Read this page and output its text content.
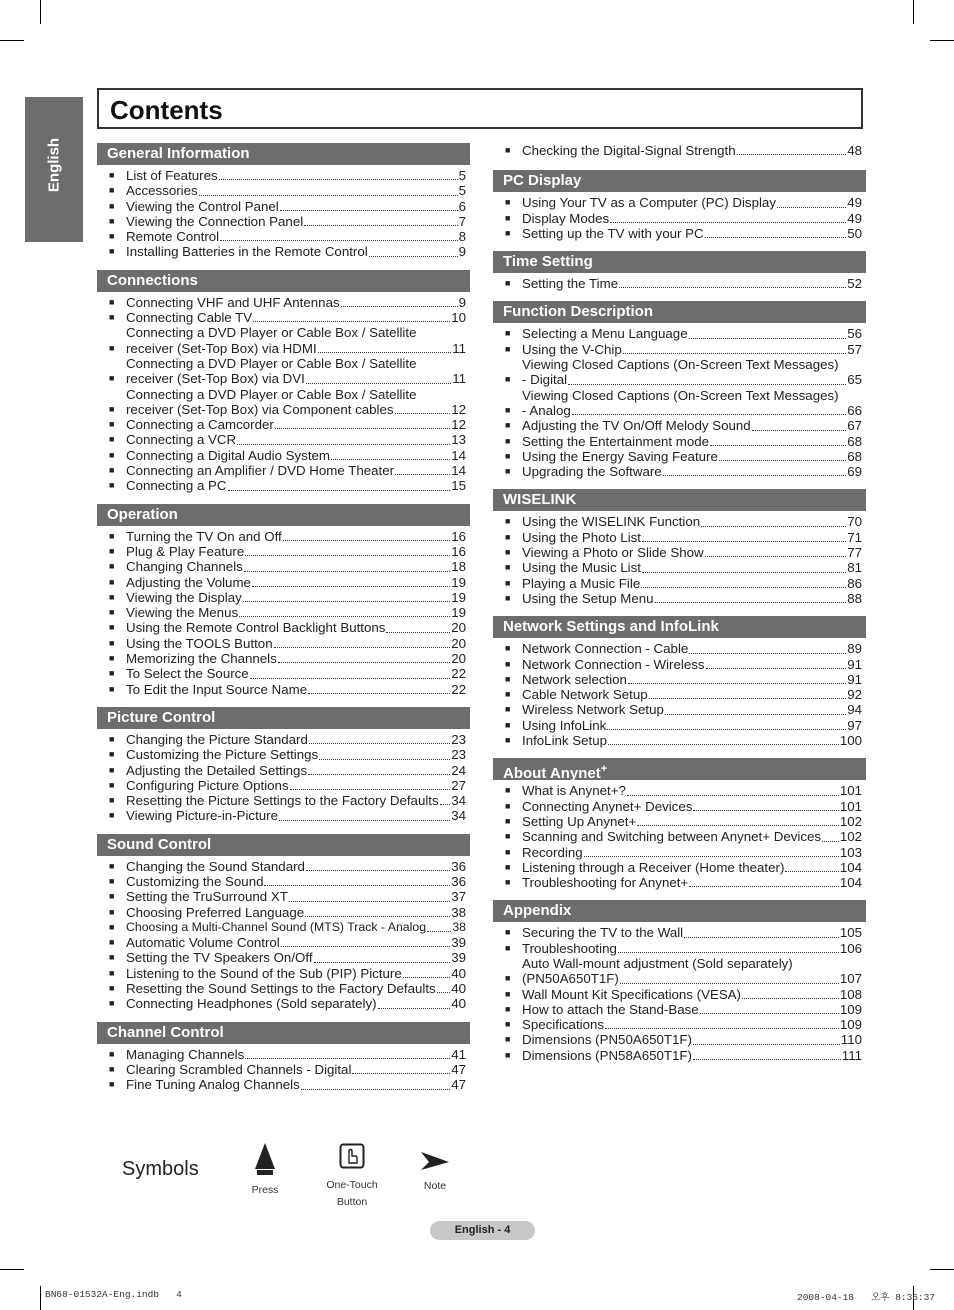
English
Contents
General Information
■ List of Features	5
■ Accessories	5
■ Viewing the Control Panel	6
■ Viewing the Connection Panel	7
■ Remote Control	8
■ Installing Batteries in the Remote Control	9
Connections
■ Connecting VHF and UHF Antennas	9
■ Connecting Cable TV	10
■
Connecting a DVD Player or Cable Box / Satellite
receiver (Set-Top Box) via HDMI	11
■
Connecting a DVD Player or Cable Box / Satellite
receiver (Set-Top Box) via DVI	11
■
Connecting a DVD Player or Cable Box / Satellite
receiver (Set-Top Box) via Component cables	12
■ Connecting a Camcorder	12
■ Connecting a VCR	13
■ Connecting a Digital Audio System	14
■ Connecting an Amplifier / DVD Home Theater	14
■ Connecting a PC	15
Operation
■ Turning the TV On and Off	16
■ Plug & Play Feature	16
■ Changing Channels	18
■ Adjusting the Volume	19
■ Viewing the Display	19
■ Viewing the Menus	19
■ Using the Remote Control Backlight Buttons	20
■ Using the TOOLS Button	20
■ Memorizing the Channels	20
■ To Select the Source	22
■ To Edit the Input Source Name	22
Picture Control
■ Changing the Picture Standard	23
■ Customizing the Picture Settings	23
■ Adjusting the Detailed Settings	24
■ Configuring Picture Options	27
■ Resetting the Picture Settings to the Factory Defaults 34
■ Viewing Picture-in-Picture	34
Sound Control
■ Changing the Sound Standard	36
■ Customizing the Sound	36
■ Setting the TruSurround XT	37
■ Choosing Preferred Language	38
■ Choosing a Multi-Channel Sound (MTS) Track - Analog 38
■ Automatic Volume Control	39
■ Setting the TV Speakers On/Off	39
■ Listening to the Sound of the Sub (PIP) Picture	40
■ Resetting the Sound Settings to the Factory Defaults 40
■ Connecting Headphones (Sold separately)	40
Channel Control
■ Managing Channels	41
■ Clearing Scrambled Channels - Digital	47
■ Fine Tuning Analog Channels	47
■ Checking the Digital-Signal Strength	48
PC Display
■ Using Your TV as a Computer (PC) Display	49
■ Display Modes	49
■ Setting up the TV with your PC	50
Time Setting
■ Setting the Time	52
Function Description
■ Selecting a Menu Language	56
■ Using the V-Chip	57
■
Viewing Closed Captions (On-Screen Text Messages)
- Digital	65
■
Viewing Closed Captions (On-Screen Text Messages)
- Analog	66
■ Adjusting the TV On/Off Melody Sound	67
■ Setting the Entertainment mode	68
■ Using the Energy Saving Feature	68
■ Upgrading the Software	69
WISELINK
■ Using the WISELINK Function	70
■ Using the Photo List	71
■ Viewing a Photo or Slide Show	77
■ Using the Music List	81
■ Playing a Music File	86
■ Using the Setup Menu	88
Network Settings and InfoLink
■ Network Connection - Cable	89
■ Network Connection - Wireless	91
■ Network selection	91
■ Cable Network Setup	92
■ Wireless Network Setup	94
■ Using InfoLink	97
■ InfoLink Setup	100
About Anynet+
■ What is Anynet+?	101
■ Connecting Anynet+ Devices	101
■ Setting Up Anynet+	102
■ Scanning and Switching between Anynet+ Devices 102
■ Recording	103
■ Listening through a Receiver (Home theater)	104
■ Troubleshooting for Anynet+	104
Appendix
■ Securing the TV to the Wall	105
■ Troubleshooting	106
■
Auto Wall-mount adjustment (Sold separately)
(PN50A650T1F)	107
■ Wall Mount Kit Specifications (VESA)	108
■ How to attach the Stand-Base	109
■ Specifications	109
■ Dimensions (PN50A650T1F)	110
■ Dimensions (PN58A650T1F)	111
Symbols
Press	One-Touch
Button
Note
English - 4
BN68-01532A-Eng.indb   4	2008-04-18   오후 8:36:37
